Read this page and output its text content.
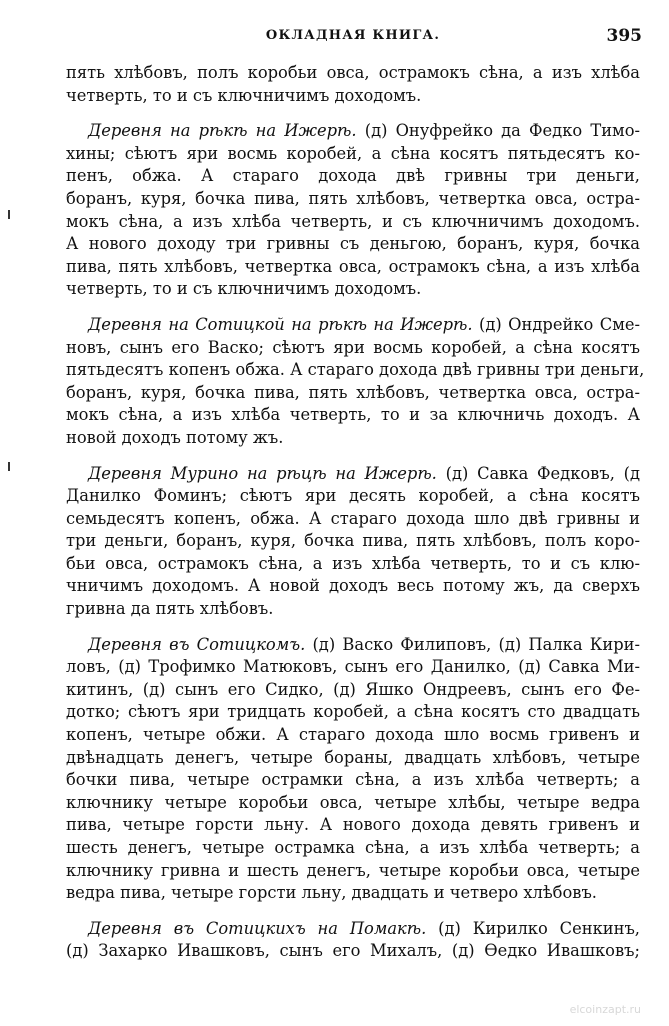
ОКЛАДНАЯ КНИГА.	395

пять хлѣбовъ, полъ коробьи овса, острамокъ сѣна, а изъ хлѣба
четверть, то и съ ключничимъ доходомъ.

Деревня на рѣкѣ на Ижерѣ. (д) Онуфрейко да Федко Тимо-
хины; сѣютъ яри восмь коробей, а сѣна косятъ пятьдесятъ ко-
пенъ, обжа. А стараго дохода двѣ гривны три деньги,
боранъ, куря, бочка пива, пять хлѣбовъ, четвертка овса, остра-
мокъ сѣна, а изъ хлѣба четверть, и съ ключничимъ доходомъ.
А нового доходу три гривны съ деньгою, боранъ, куря, бочка
пива, пять хлѣбовъ, четвертка овса, острамокъ сѣна, а изъ хлѣба
четверть, то и съ ключничимъ доходомъ.

Деревня на Сотицкой на рѣкѣ на Ижерѣ. (д) Ондрейко Сме-
новъ, сынъ его Васко; сѣютъ яри восмь коробей, а сѣна косятъ
пятьдесятъ копенъ обжа. А стараго дохода двѣ гривны три деньги,
боранъ, куря, бочка пива, пять хлѣбовъ, четвертка овса, остра-
мокъ сѣна, а изъ хлѣба четверть, то и за ключничь доходъ. А
новой доходъ потому жъ.

Деревня Мурино на рѣцѣ на Ижерѣ. (д) Савка Федковъ, (д
Данилко Фоминъ; сѣютъ яри десять коробей, а сѣна косятъ
семьдесятъ копенъ, обжа. А стараго дохода шло двѣ гривны и
три деньги, боранъ, куря, бочка пива, пять хлѣбовъ, полъ коро-
бьи овса, острамокъ сѣна, а изъ хлѣба четверть, то и съ клю-
чничимъ доходомъ. А новой доходъ весь потому жъ, да сверхъ
гривна да пять хлѣбовъ.

Деревня въ Сотицкомъ. (д) Васко Филиповъ, (д) Палка Кири-
ловъ, (д) Трофимко Матюковъ, сынъ его Данилко, (д) Савка Ми-
китинъ, (д) сынъ его Сидко, (д) Яшко Ондреевъ, сынъ его Фе-
дотко; сѣютъ яри тридцать коробей, а сѣна косятъ сто двадцать
копенъ, четыре обжи. А стараго дохода шло восмь гривенъ и
двѣнадцать денегъ, четыре бораны, двадцать хлѣбовъ, четыре
бочки пива, четыре острамки сѣна, а изъ хлѣба четверть; а
ключнику четыре коробьи овса, четыре хлѣбы, четыре ведра
пива, четыре горсти льну. А нового дохода девять гривенъ и
шесть денегъ, четыре острамка сѣна, а изъ хлѣба четверть; а
ключнику гривна и шесть денегъ, четыре коробьи овса, четыре
ведра пива, четыре горсти льну, двадцать и четверо хлѣбовъ.

Деревня въ Сотицкихъ на Помакѣ. (д) Кирилко Сенкинъ,
(д) Захарко Ивашковъ, сынъ его Михалъ, (д) Ѳедко Ивашковъ;

elcoinzapt.ru
